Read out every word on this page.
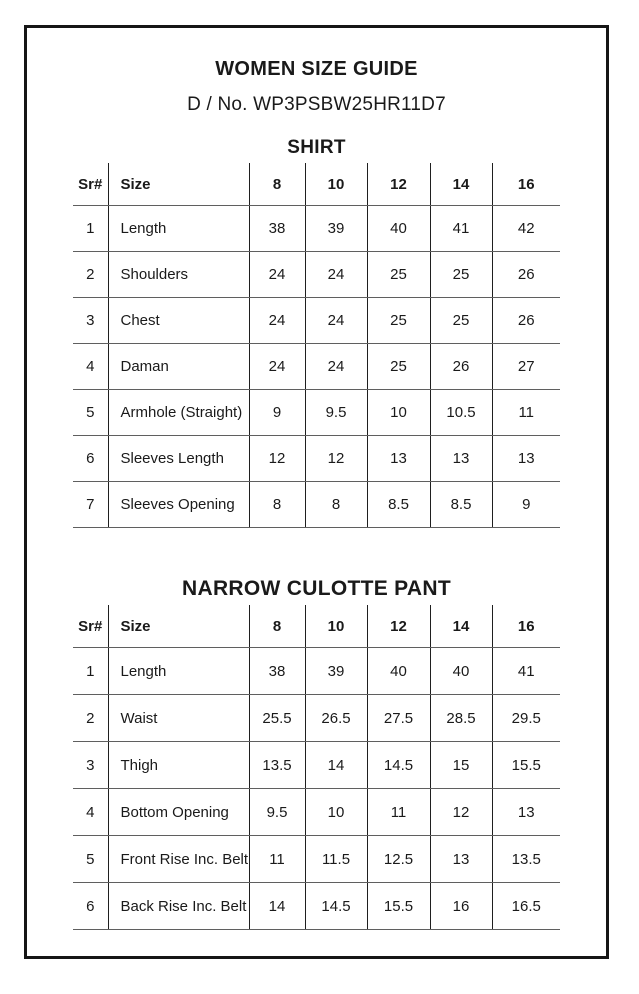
WOMEN SIZE GUIDE
D / No. WP3PSBW25HR11D7
SHIRT
Sr#	Size	8	10	12	14	16
1	Length	38	39	40	41	42
2	Shoulders	24	24	25	25	26
3	Chest	24	24	25	25	26
4	Daman	24	24	25	26	27
5	Armhole (Straight)	9	9.5	10	10.5	11
6	Sleeves Length	12	12	13	13	13
7	Sleeves Opening	8	8	8.5	8.5	9
NARROW CULOTTE PANT
Sr#	Size	8	10	12	14	16
1	Length	38	39	40	40	41
2	Waist	25.5	26.5	27.5	28.5	29.5
3	Thigh	13.5	14	14.5	15	15.5
4	Bottom Opening	9.5	10	11	12	13
5	Front Rise Inc. Belt	11	11.5	12.5	13	13.5
6	Back Rise Inc. Belt	14	14.5	15.5	16	16.5
